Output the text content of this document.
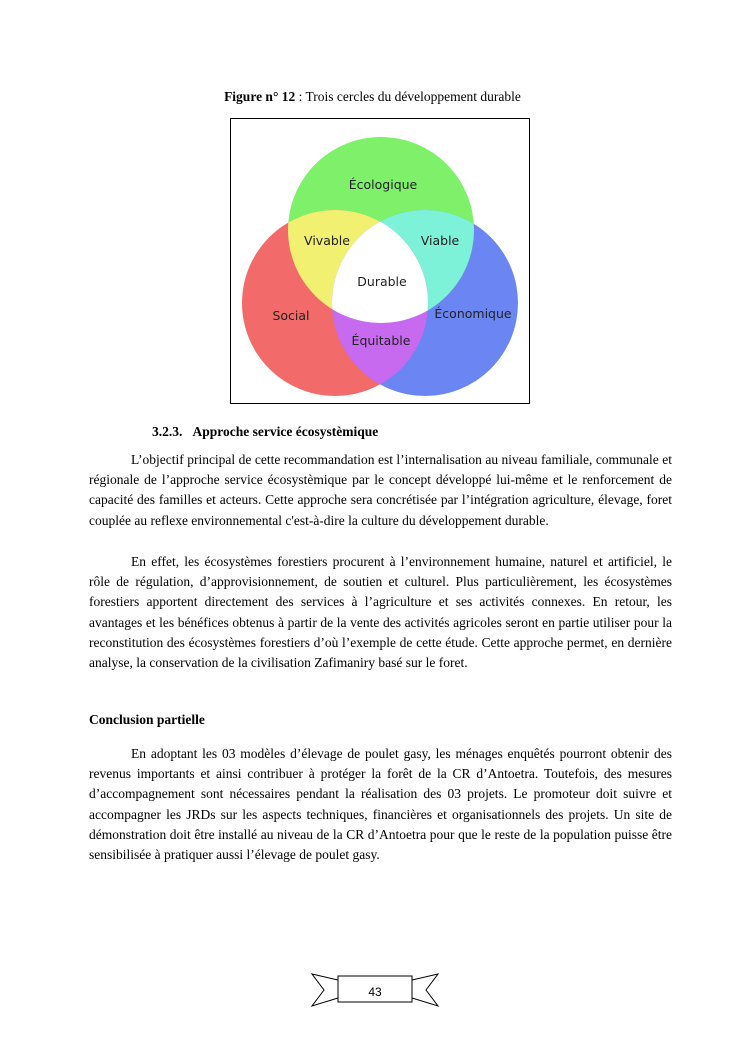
Figure n° 12 : Trois cercles du développement durable
Écologique
Vivable	Viable
Durable
Social	Économique
Équitable
3.2.3. Approche service écosystèmique

L’objectif principal de cette recommandation est l’internalisation au niveau familiale, communale et régionale de l’approche service écosystèmique par le concept développé lui-même et le renforcement de capacité des familles et acteurs. Cette approche sera concrétisée par l’intégration agriculture, élevage, foret couplée au reflexe environnemental c'est-à-dire la culture du développement durable.

En effet, les écosystèmes forestiers procurent à l’environnement humaine, naturel et artificiel, le rôle de régulation, d’approvisionnement, de soutien et culturel. Plus particulièrement, les écosystèmes forestiers apportent directement des services à l’agriculture et ses activités connexes. En retour, les avantages et les bénéfices obtenus à partir de la vente des activités agricoles seront en partie utiliser pour la reconstitution des écosystèmes forestiers d’où l’exemple de cette étude. Cette approche permet, en dernière analyse, la conservation de la civilisation Zafimaniry basé sur le foret.

Conclusion partielle

En adoptant les 03 modèles d’élevage de poulet gasy, les ménages enquêtés pourront obtenir des revenus importants et ainsi contribuer à protéger la forêt de la CR d’Antoetra. Toutefois, des mesures d’accompagnement sont nécessaires pendant la réalisation des 03 projets. Le promoteur doit suivre et accompagner les JRDs sur les aspects techniques, financières et organisationnels des projets. Un site de démonstration doit être installé au niveau de la CR d’Antoetra pour que le reste de la population puisse être sensibilisée à pratiquer aussi l’élevage de poulet gasy.

43
